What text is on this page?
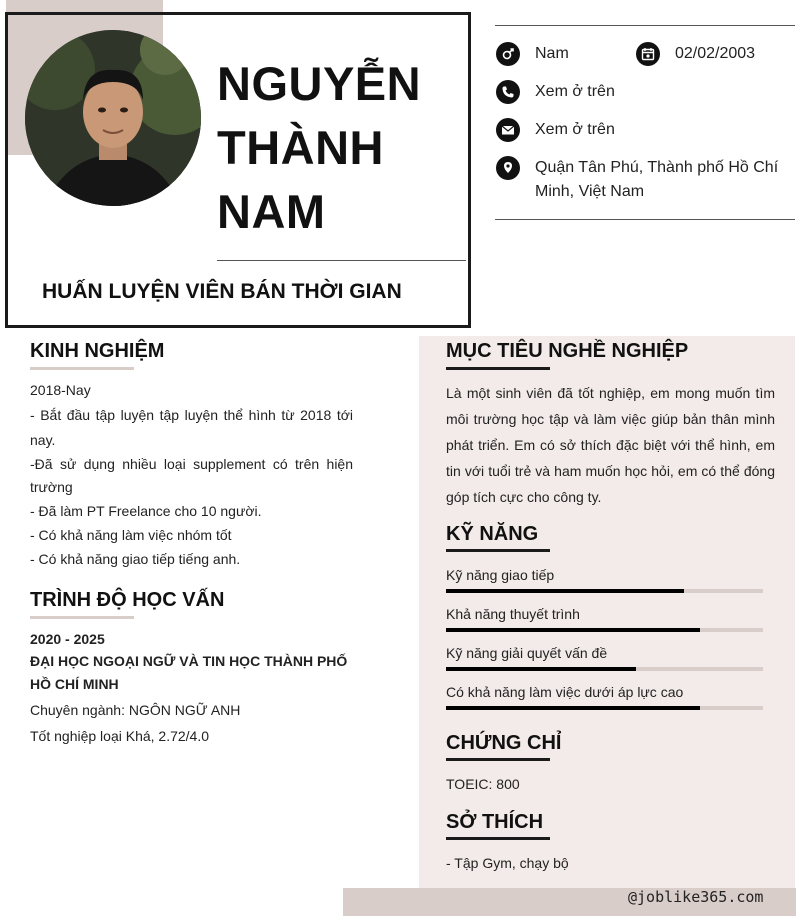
NGUYỄN
THÀNH
NAM
HUẤN LUYỆN VIÊN BÁN THỜI GIAN
Nam	02/02/2003
Xem ở trên
Xem ở trên
Quận Tân Phú, Thành phố Hồ Chí
Minh, Việt Nam
KINH NGHIỆM
2018-Nay
- Bắt đầu tập luyện tập luyện thể hình từ 2018 tới nay.
-Đã sử dụng nhiều loại supplement có trên hiện trường
- Đã làm PT Freelance cho 10 người.
- Có khả năng làm việc nhóm tốt
- Có khả năng giao tiếp tiếng anh.
TRÌNH ĐỘ HỌC VẤN
2020 - 2025
ĐẠI HỌC NGOẠI NGỮ VÀ TIN HỌC THÀNH PHỐ HỒ CHÍ MINH
Chuyên ngành: NGÔN NGỮ ANH
Tốt nghiệp loại Khá, 2.72/4.0
MỤC TIÊU NGHỀ NGHIỆP
Là một sinh viên đã tốt nghiệp, em mong muốn tìm môi trường học tập và làm việc giúp bản thân mình phát triển. Em có sở thích đặc biệt với thể hình, em tin với tuổi trẻ và ham muốn học hỏi, em có thể đóng góp tích cực cho công ty.
KỸ NĂNG
Kỹ năng giao tiếp
Khả năng thuyết trình
Kỹ năng giải quyết vấn đề
Có khả năng làm việc dưới áp lực cao
CHỨNG CHỈ
TOEIC: 800
SỞ THÍCH
- Tập Gym, chạy bộ
@joblike365.com
